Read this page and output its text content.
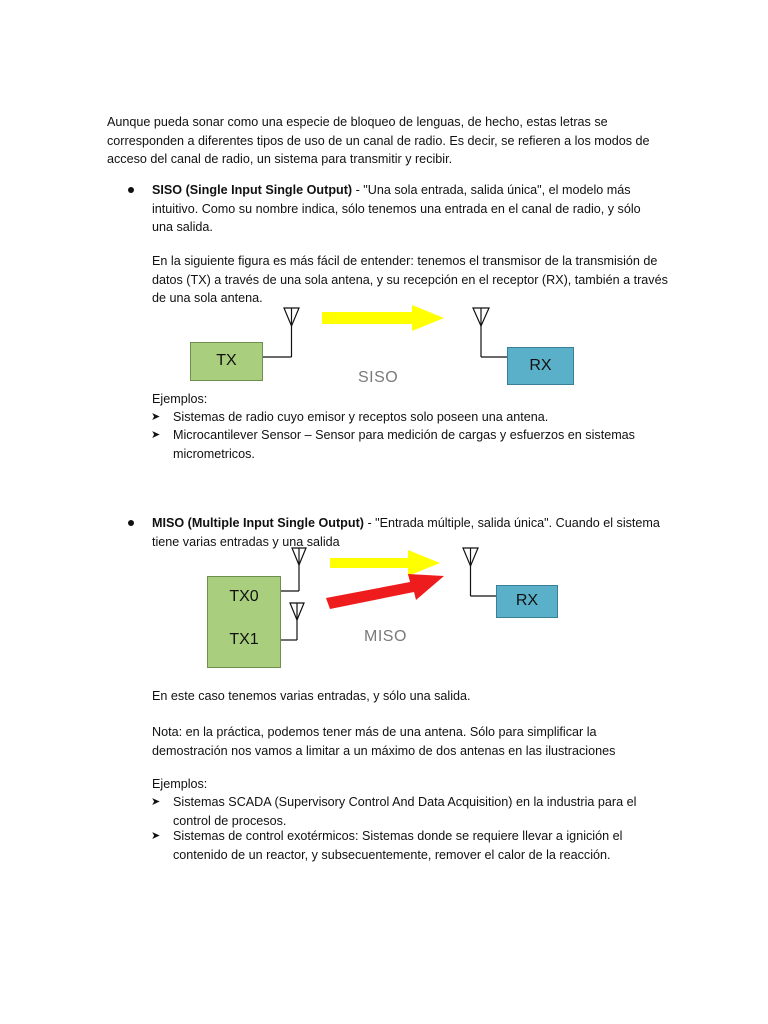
Aunque pueda sonar como una especie de bloqueo de lenguas, de hecho, estas letras se
corresponden a diferentes tipos de uso de un canal de radio. Es decir, se refieren a los modos de
acceso del canal de radio, un sistema para transmitir y recibir.
SISO (Single Input Single Output) - "Una sola entrada, salida única", el modelo más
intuitivo. Como su nombre indica, sólo tenemos una entrada en el canal de radio, y sólo
una salida.
En la siguiente figura es más fácil de entender: tenemos el transmisor de la transmisión de
datos (TX) a través de una sola antena, y su recepción en el receptor (RX), también a través
de una sola antena.
TX	RX
SISO
Ejemplos:
➤ Sistemas de radio cuyo emisor y receptos solo poseen una antena.
➤ Microcantilever Sensor – Sensor para medición de cargas y esfuerzos en sistemas
micrometricos.
MISO (Multiple Input Single Output) - "Entrada múltiple, salida única". Cuando el sistema
tiene varias entradas y una salida
TX0
TX1
RX
MISO
En este caso tenemos varias entradas, y sólo una salida.
Nota: en la práctica, podemos tener más de una antena. Sólo para simplificar la
demostración nos vamos a limitar a un máximo de dos antenas en las ilustraciones
Ejemplos:
➤ Sistemas SCADA (Supervisory Control And Data Acquisition) en la industria para el
control de procesos.
➤ Sistemas de control exotérmicos: Sistemas donde se requiere llevar a ignición el
contenido de un reactor, y subsecuentemente, remover el calor de la reacción.
